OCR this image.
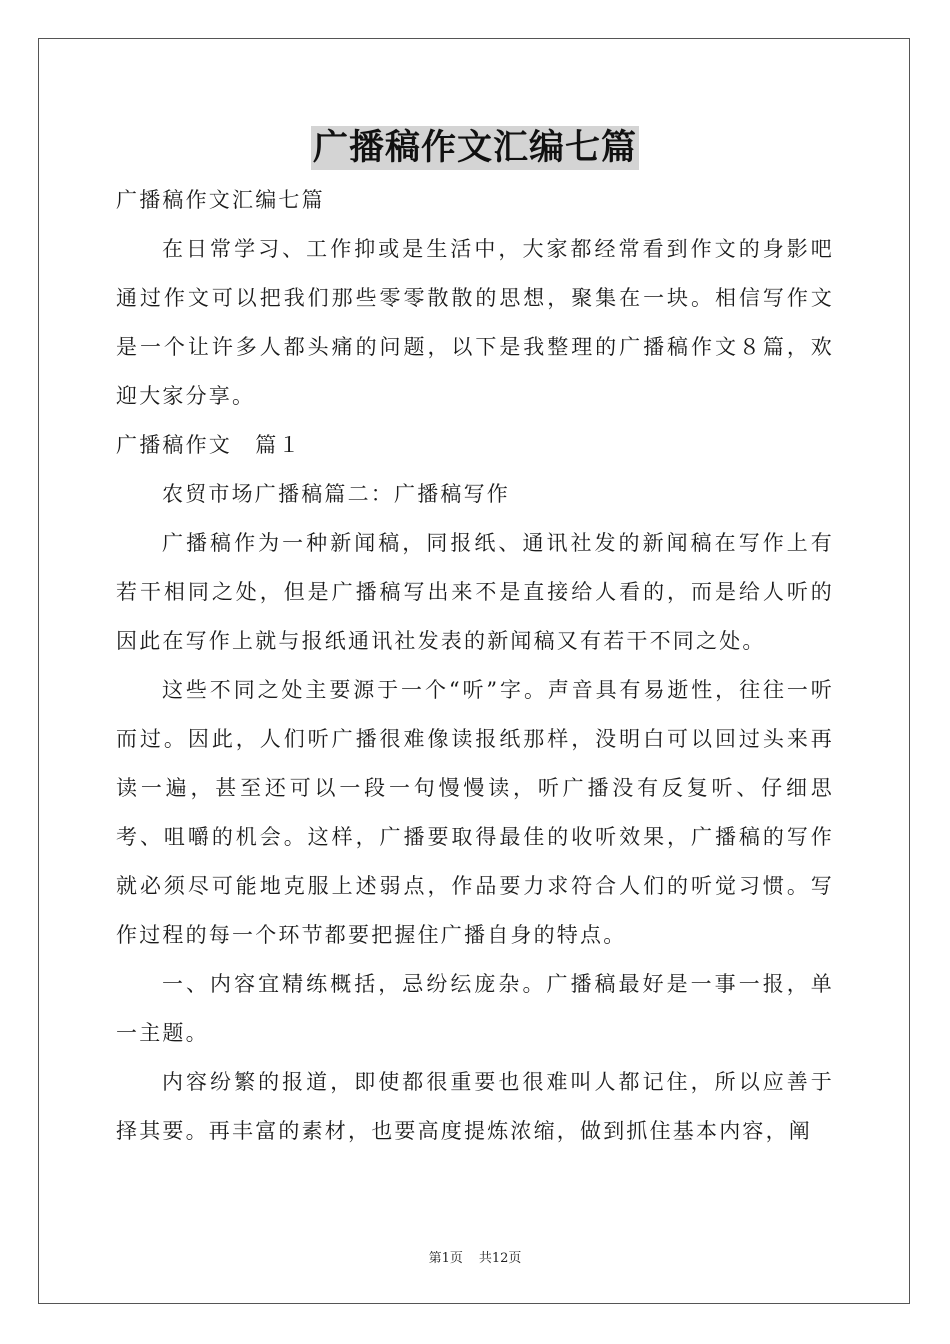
广播稿作文汇编七篇

广播稿作文汇编七篇

在日常学习、工作抑或是生活中，大家都经常看到作文的身影吧通过作文可以把我们那些零零散散的思想，聚集在一块。相信写作文是一个让许多人都头痛的问题，以下是我整理的广播稿作文８篇，欢迎大家分享。

广播稿作文　篇１

农贸市场广播稿篇二：广播稿写作

广播稿作为一种新闻稿，同报纸、通讯社发的新闻稿在写作上有若干相同之处，但是广播稿写出来不是直接给人看的，而是给人听的因此在写作上就与报纸通讯社发表的新闻稿又有若干不同之处。

这些不同之处主要源于一个“听”字。声音具有易逝性，往往一听而过。因此，人们听广播很难像读报纸那样，没明白可以回过头来再读一遍，甚至还可以一段一句慢慢读，听广播没有反复听、仔细思考、咀嚼的机会。这样，广播要取得最佳的收听效果，广播稿的写作就必须尽可能地克服上述弱点，作品要力求符合人们的听觉习惯。写作过程的每一个环节都要把握住广播自身的特点。

一、内容宜精练概括，忌纷纭庞杂。广播稿最好是一事一报，单一主题。

内容纷繁的报道，即使都很重要也很难叫人都记住，所以应善于择其要。再丰富的素材，也要高度提炼浓缩，做到抓住基本内容，阐

第1页 共12页
